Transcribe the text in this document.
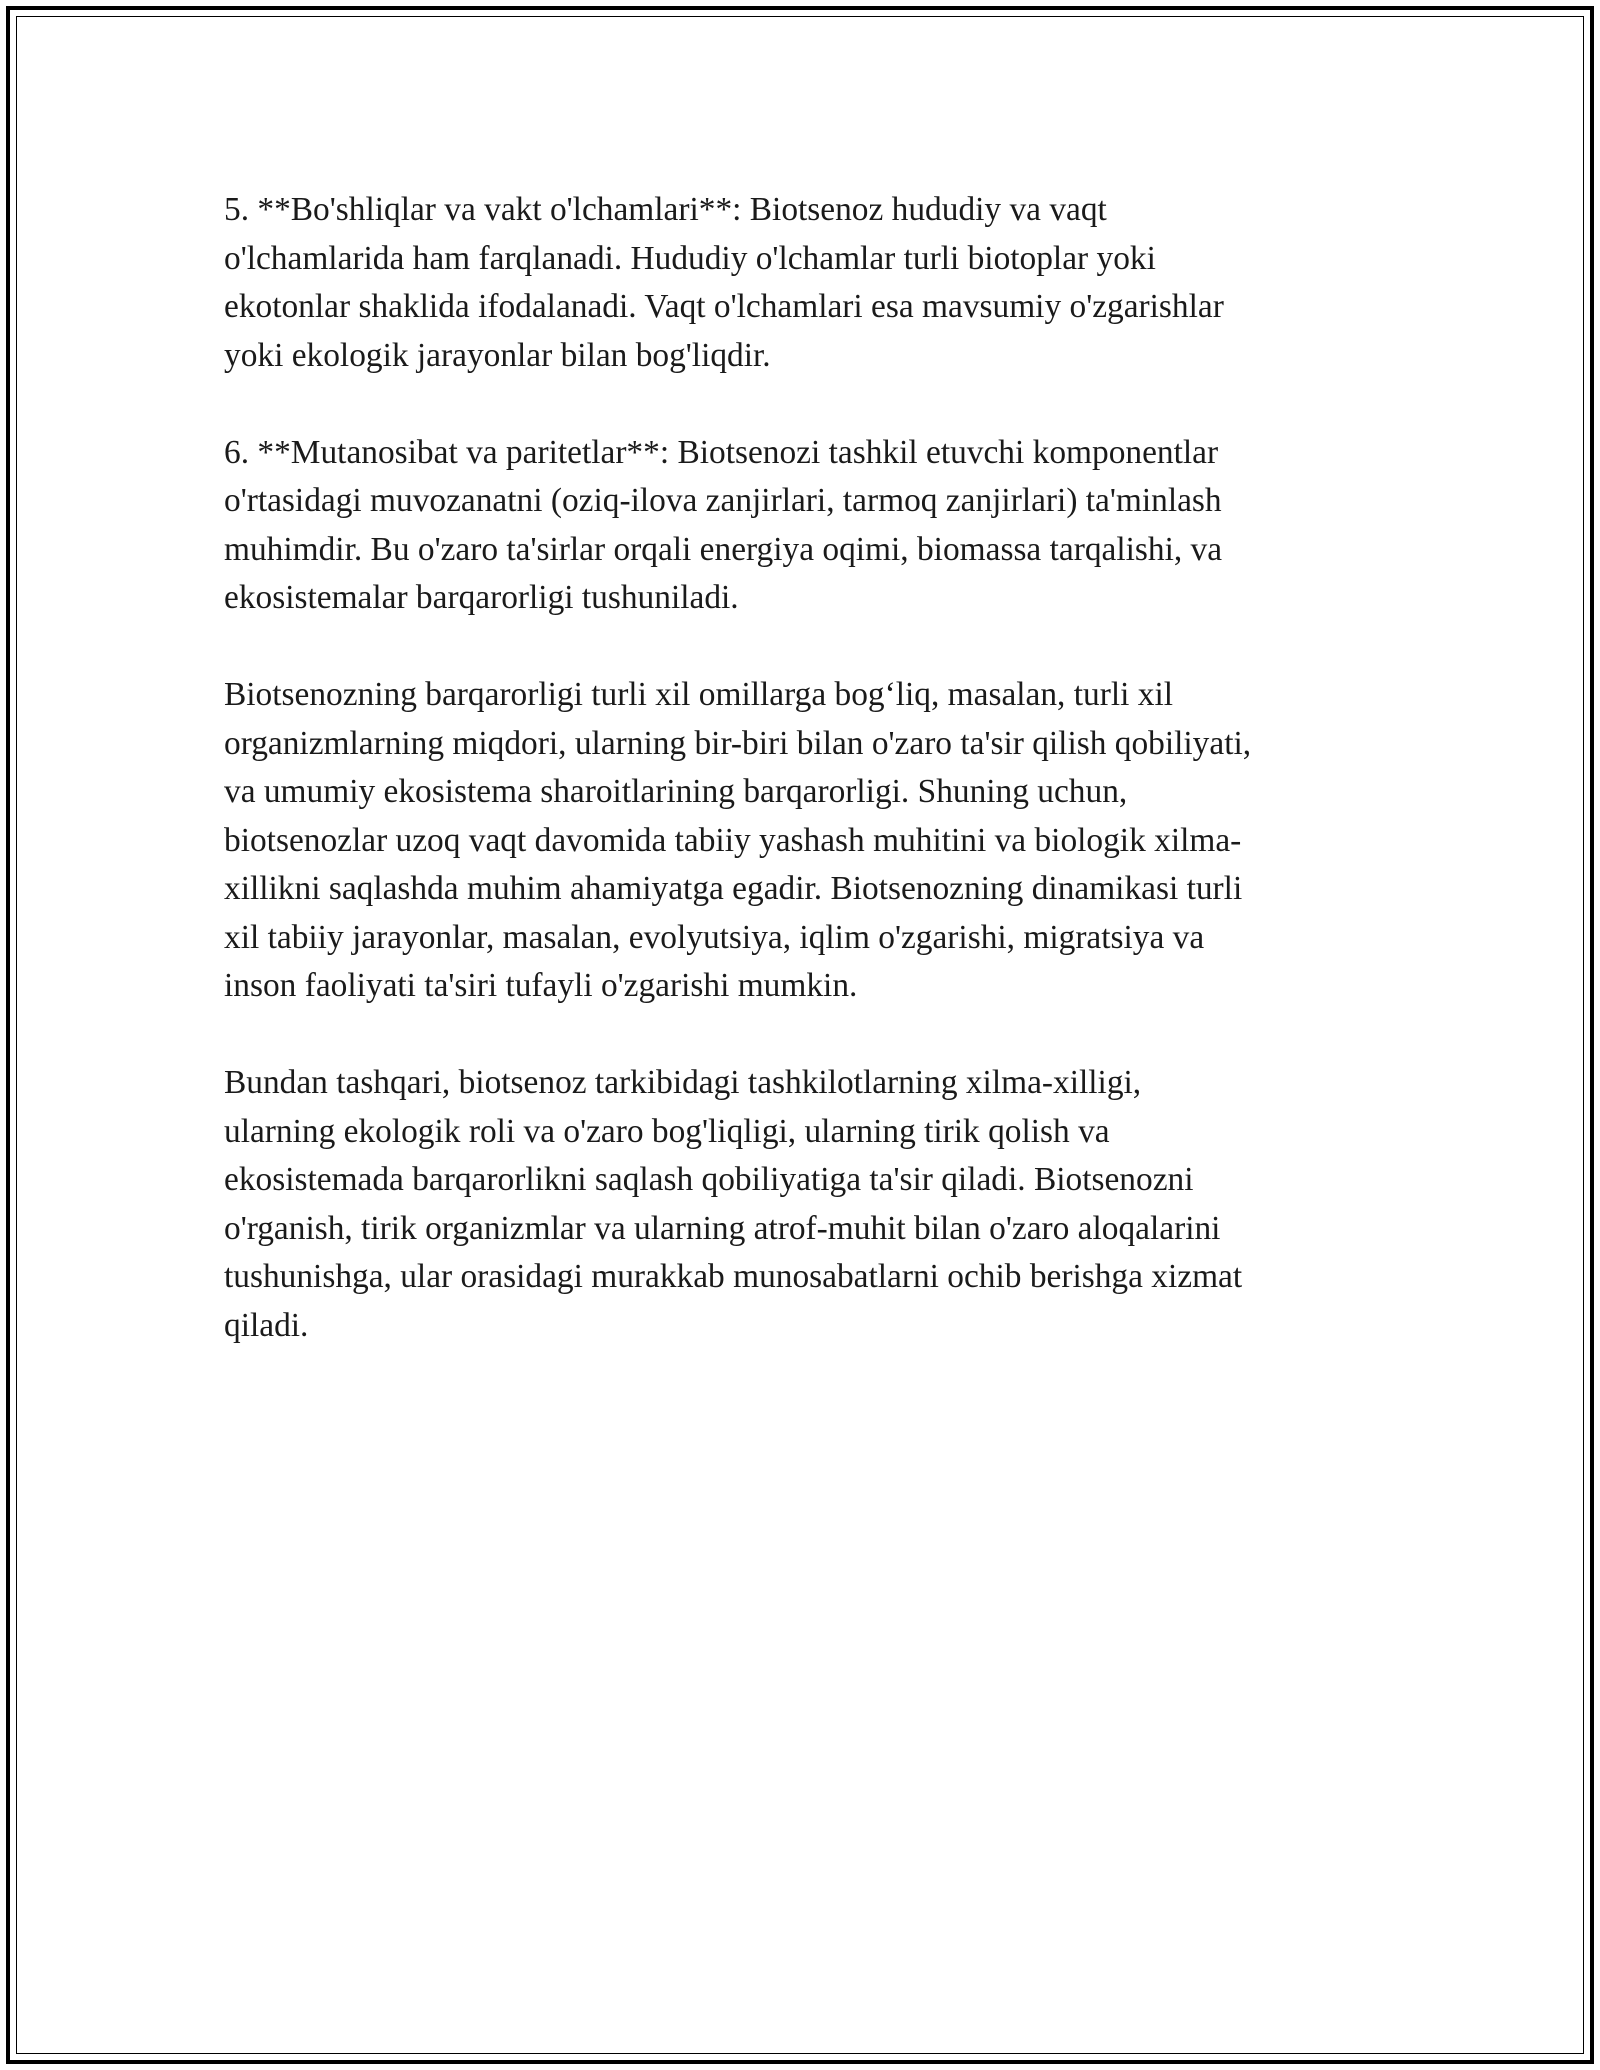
5. **Bo'shliqlar va vakt o'lchamlari**: Biotsenoz hududiy va vaqt
o'lchamlarida ham farqlanadi. Hududiy o'lchamlar turli biotoplar yoki
ekotonlar shaklida ifodalanadi. Vaqt o'lchamlari esa mavsumiy o'zgarishlar
yoki ekologik jarayonlar bilan bog'liqdir.

6. **Mutanosibat va paritetlar**: Biotsenozi tashkil etuvchi komponentlar
o'rtasidagi muvozanatni (oziq-ilova zanjirlari, tarmoq zanjirlari) ta'minlash
muhimdir. Bu o'zaro ta'sirlar orqali energiya oqimi, biomassa tarqalishi, va
ekosistemalar barqarorligi tushuniladi.

Biotsenozning barqarorligi turli xil omillarga bog‘liq, masalan, turli xil
organizmlarning miqdori, ularning bir-biri bilan o'zaro ta'sir qilish qobiliyati,
va umumiy ekosistema sharoitlarining barqarorligi. Shuning uchun,
biotsenozlar uzoq vaqt davomida tabiiy yashash muhitini va biologik xilma-
xillikni saqlashda muhim ahamiyatga egadir. Biotsenozning dinamikasi turli
xil tabiiy jarayonlar, masalan, evolyutsiya, iqlim o'zgarishi, migratsiya va
inson faoliyati ta'siri tufayli o'zgarishi mumkin.

Bundan tashqari, biotsenoz tarkibidagi tashkilotlarning xilma-xilligi,
ularning ekologik roli va o'zaro bog'liqligi, ularning tirik qolish va
ekosistemada barqarorlikni saqlash qobiliyatiga ta'sir qiladi. Biotsenozni
o'rganish, tirik organizmlar va ularning atrof-muhit bilan o'zaro aloqalarini
tushunishga, ular orasidagi murakkab munosabatlarni ochib berishga xizmat
qiladi.
